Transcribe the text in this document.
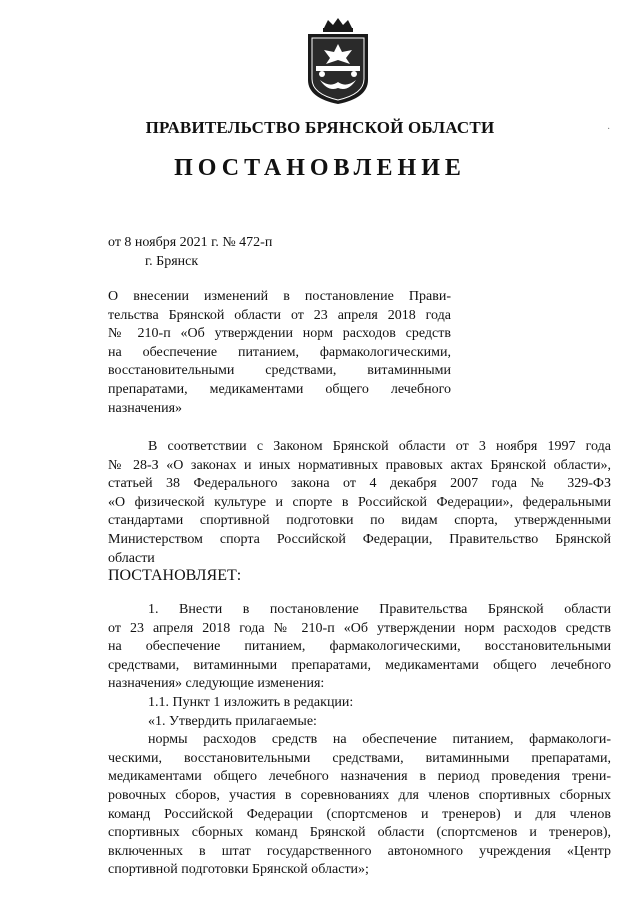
ПРАВИТЕЛЬСТВО БРЯНСКОЙ ОБЛАСТИ	·
ПОСТАНОВЛЕНИЕ
от 8 ноября 2021 г. № 472-п
г. Брянск
О внесении изменений в постановление Прави-
тельства Брянской области от 23 апреля 2018 года
№ 210-п «Об утверждении норм расходов средств
на обеспечение питанием, фармакологическими,
восстановительными средствами, витаминными
препаратами, медикаментами общего лечебного
назначения»
В соответствии с Законом Брянской области от 3 ноября 1997 года
№ 28-З «О законах и иных нормативных правовых актах Брянской области»,
статьей 38 Федерального закона от 4 декабря 2007 года № 329-ФЗ
«О физической культуре и спорте в Российской Федерации», федеральными
стандартами спортивной подготовки по видам спорта, утвержденными
Министерством спорта Российской Федерации, Правительство Брянской
области
ПОСТАНОВЛЯЕТ:
1. Внести в постановление Правительства Брянской области
от 23 апреля 2018 года № 210-п «Об утверждении норм расходов средств
на обеспечение питанием, фармакологическими, восстановительными
средствами, витаминными препаратами, медикаментами общего лечебного
назначения» следующие изменения:
1.1. Пункт 1 изложить в редакции:
«1. Утвердить прилагаемые:
нормы расходов средств на обеспечение питанием, фармакологи-
ческими, восстановительными средствами, витаминными препаратами,
медикаментами общего лечебного назначения в период проведения трени-
ровочных сборов, участия в соревнованиях для членов спортивных сборных
команд Российской Федерации (спортсменов и тренеров) и для членов
спортивных сборных команд Брянской области (спортсменов и тренеров),
включенных в штат государственного автономного учреждения «Центр
спортивной подготовки Брянской области»;
